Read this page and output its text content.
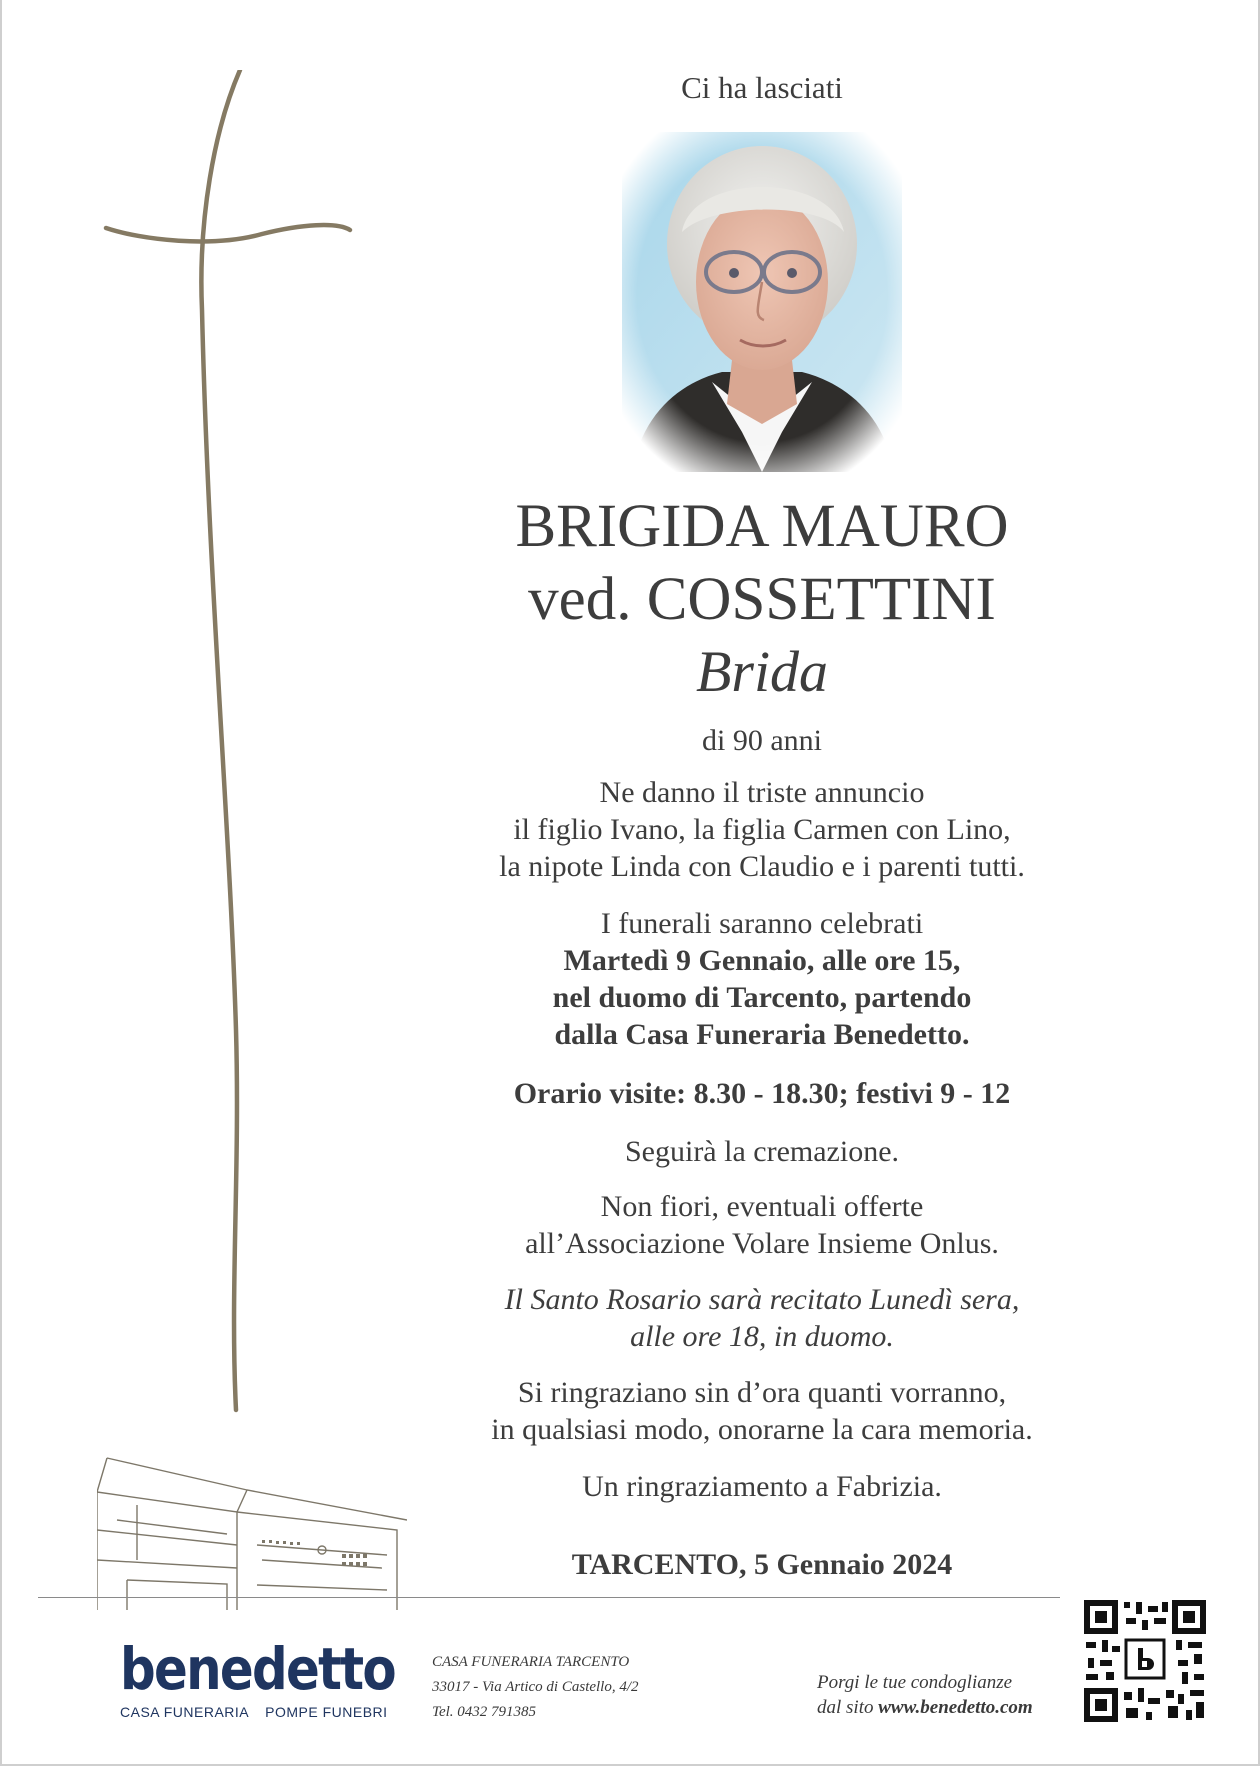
Ci ha lasciati
BRIGIDA MAURO
ved. COSSETTINI
Brida

di 90 anni

Ne danno il triste annuncio

il figlio Ivano, la figlia Carmen con Lino,

la nipote Linda con Claudio e i parenti tutti.

I funerali saranno celebrati

Martedì 9 Gennaio, alle ore 15,

nel duomo di Tarcento, partendo

dalla Casa Funeraria Benedetto.

Orario visite: 8.30 - 18.30; festivi 9 - 12
Seguirà la cremazione.

Non fiori, eventuali offerte

all’Associazione Volare Insieme Onlus.

Il Santo Rosario sarà recitato Lunedì sera,

alle ore 18, in duomo.

Si ringraziano sin d’ora quanti vorranno,

in qualsiasi modo, onorarne la cara memoria.

Un ringraziamento a Fabrizia.
TARCENTO, 5 Gennaio 2024
benedetto
CASA FUNERARIA POMPE FUNEBRI
CASA FUNERARIA TARCENTO
33017 - Via Artico di Castello, 4/2
Tel. 0432 791385
Porgi le tue condoglianze
dal sito www.benedetto.com
